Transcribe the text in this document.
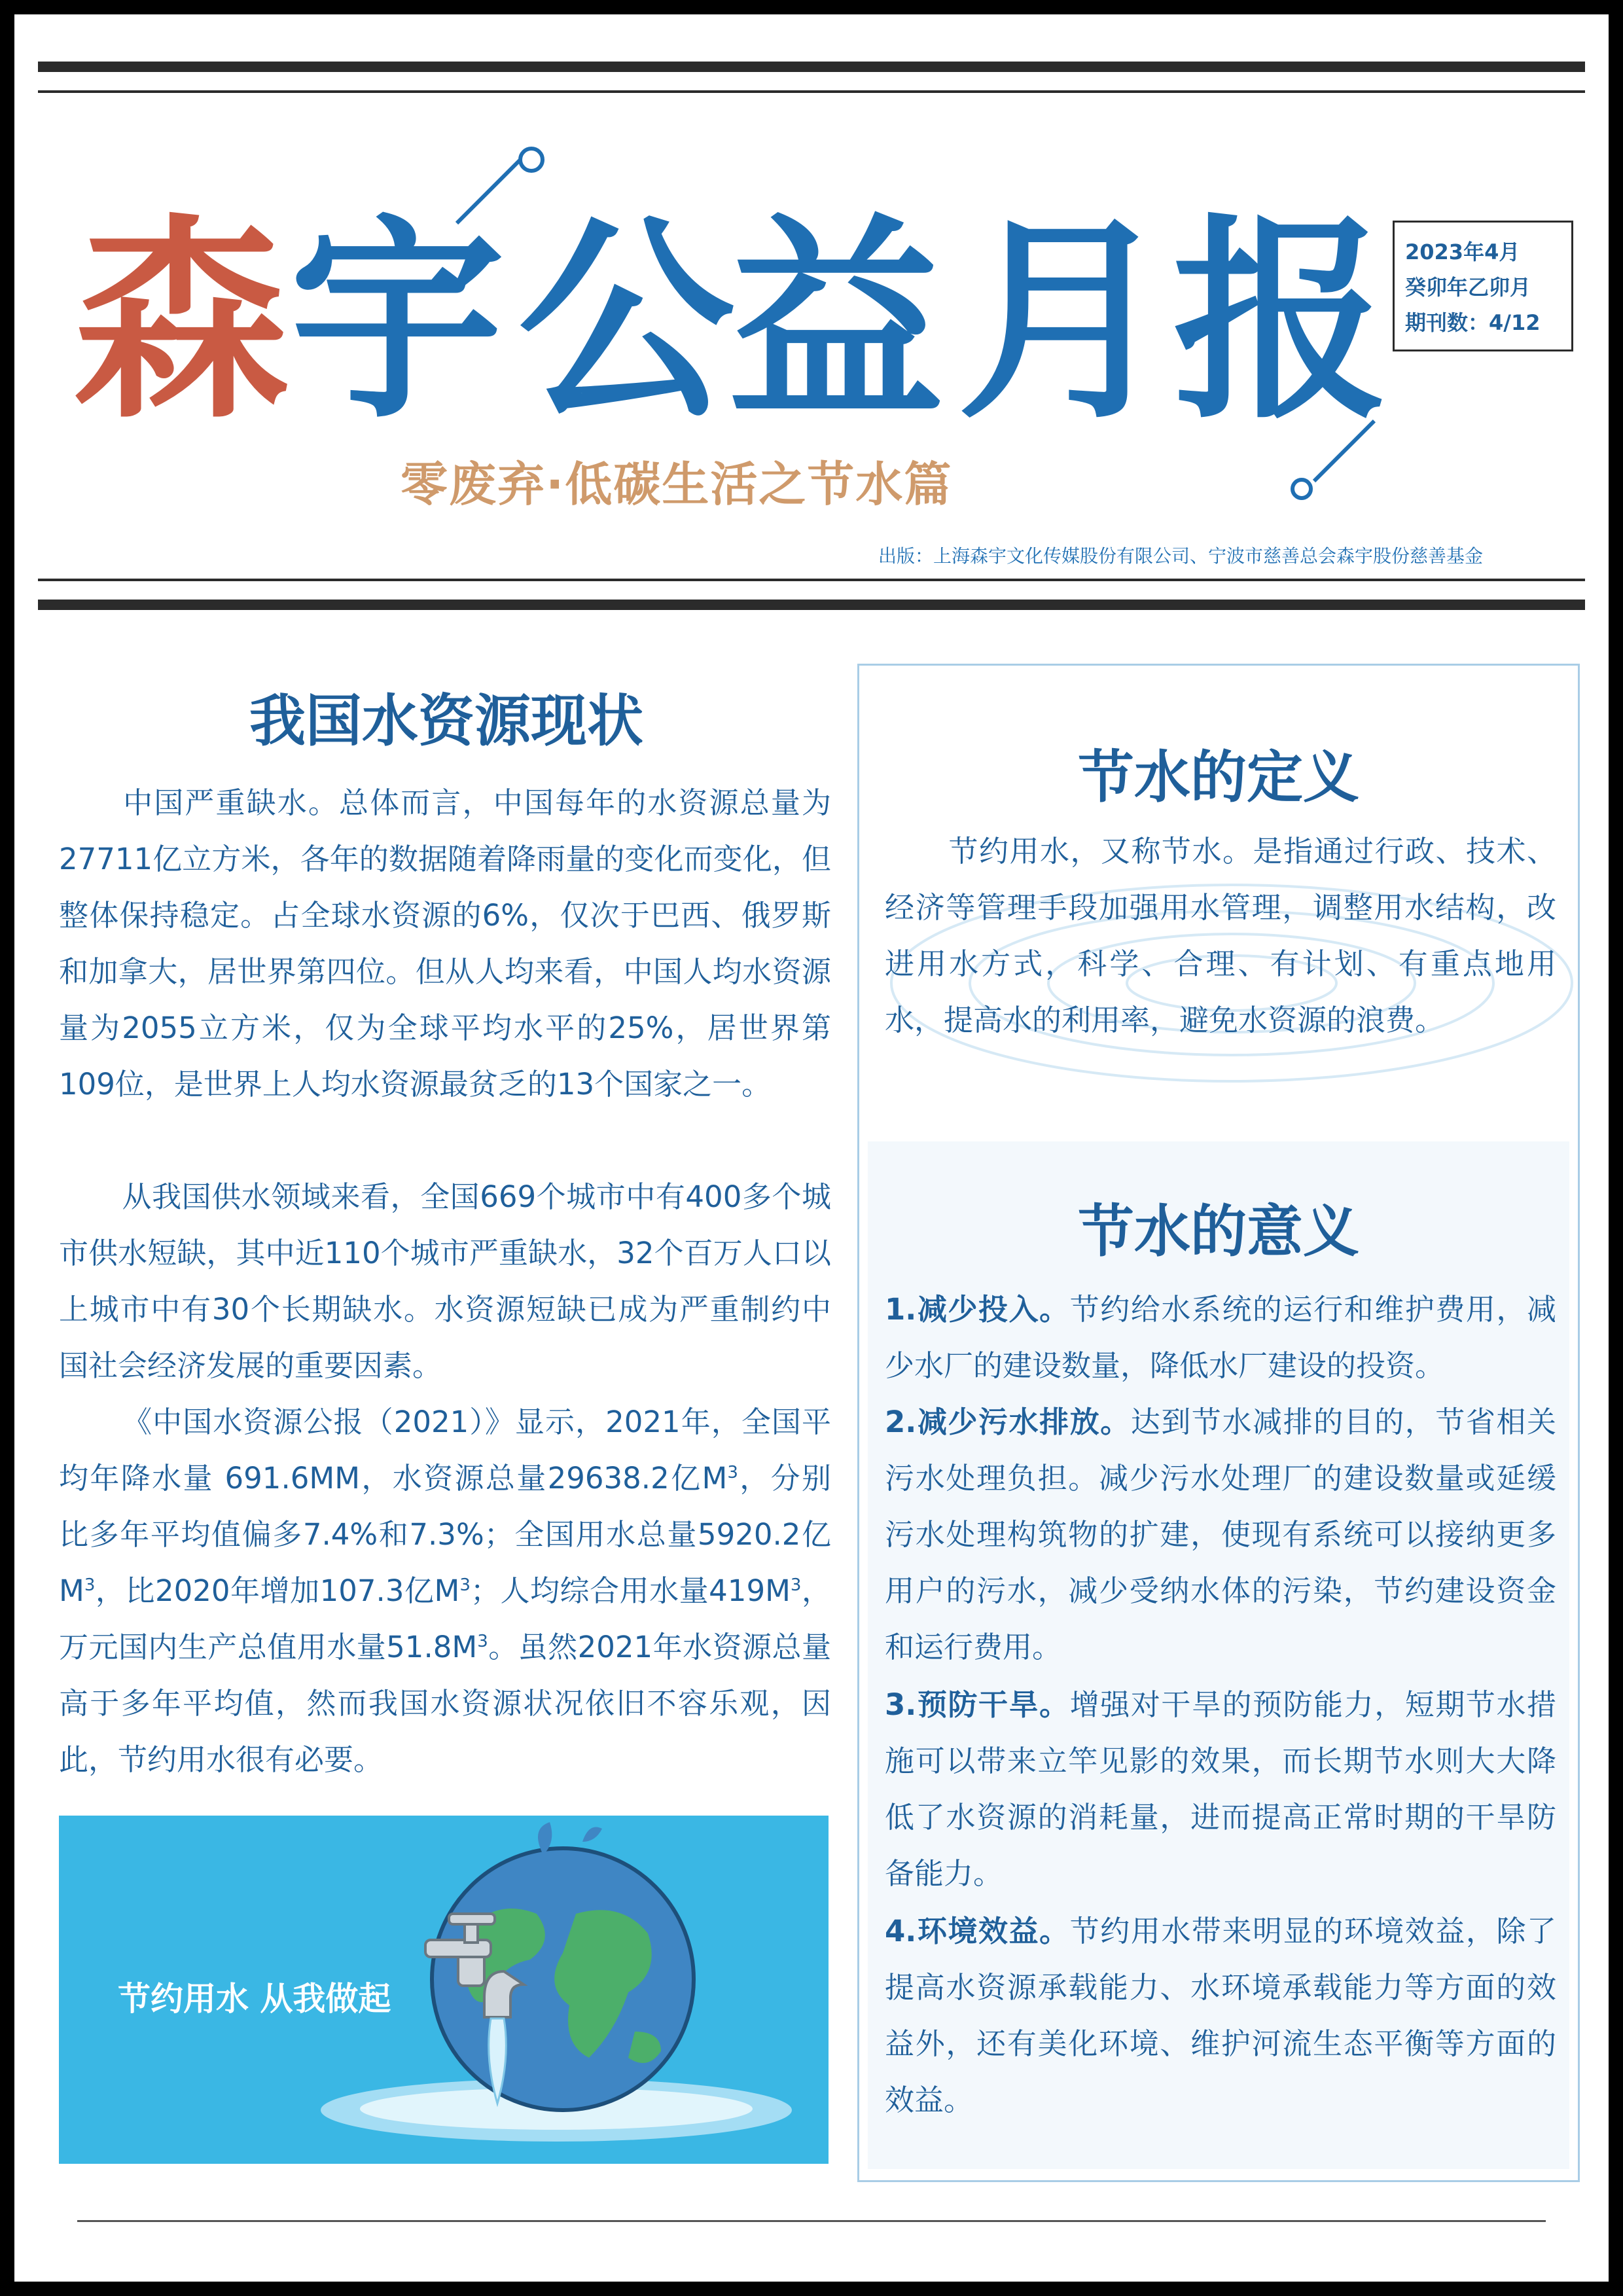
森 宇 公
益 月 报
零废弃·低碳生活之节水篇
2023年4月
癸卯年乙卯月
期刊数：4/12
出版：上海森宇文化传媒股份有限公司、宁波市慈善总会森宇股份慈善基金
我国水资源现状

中国严重缺水。总体而言，中国每年的水资源总量为27711亿立方米，各年的数据随着降雨量的变化而变化，但整体保持稳定。占全球水资源的6%，仅次于巴西、俄罗斯和加拿大，居世界第四位。但从人均来看，中国人均水资源量为2055立方米，仅为全球平均水平的25%，居世界第109位，是世界上人均水资源最贫乏的13个国家之一。

从我国供水领域来看，全国669个城市中有400多个城市供水短缺，其中近110个城市严重缺水，32个百万人口以上城市中有30个长期缺水。水资源短缺已成为严重制约中国社会经济发展的重要因素。

《中国水资源公报（2021）》显示，2021年，全国平均年降水量 691.6MM，水资源总量29638.2亿$M^3$，分别比多年平均值偏多7.4%和7.3%；全国用水总量5920.2亿$M^3$，比2020年增加107.3亿$M^3$；人均综合用水量$419M^3$，万元国内生产总值用水量$51.8M^3$。虽然2021年水资源总量高于多年平均值，然而我国水资源状况依旧不容乐观，因此，节约用水很有必要。

节约用水 从我做起
节水的定义

节约用水，又称节水。是指通过行政、技术、经济等管理手段加强用水管理，调整用水结构，改进用水方式，科学、合理、有计划、有重点地用水，提高水的利用率，避免水资源的浪费。

节水的意义

1.减少投入。节约给水系统的运行和维护费用，减少水厂的建设数量，降低水厂建设的投资。

2.减少污水排放。达到节水减排的目的，节省相关污水处理负担。减少污水处理厂的建设数量或延缓污水处理构筑物的扩建，使现有系统可以接纳更多用户的污水，减少受纳水体的污染，节约建设资金和运行费用。

3.预防干旱。增强对干旱的预防能力，短期节水措施可以带来立竿见影的效果，而长期节水则大大降低了水资源的消耗量，进而提高正常时期的干旱防备能力。

4.环境效益。节约用水带来明显的环境效益，除了提高水资源承载能力、水环境承载能力等方面的效益外，还有美化环境、维护河流生态平衡等方面的效益。
